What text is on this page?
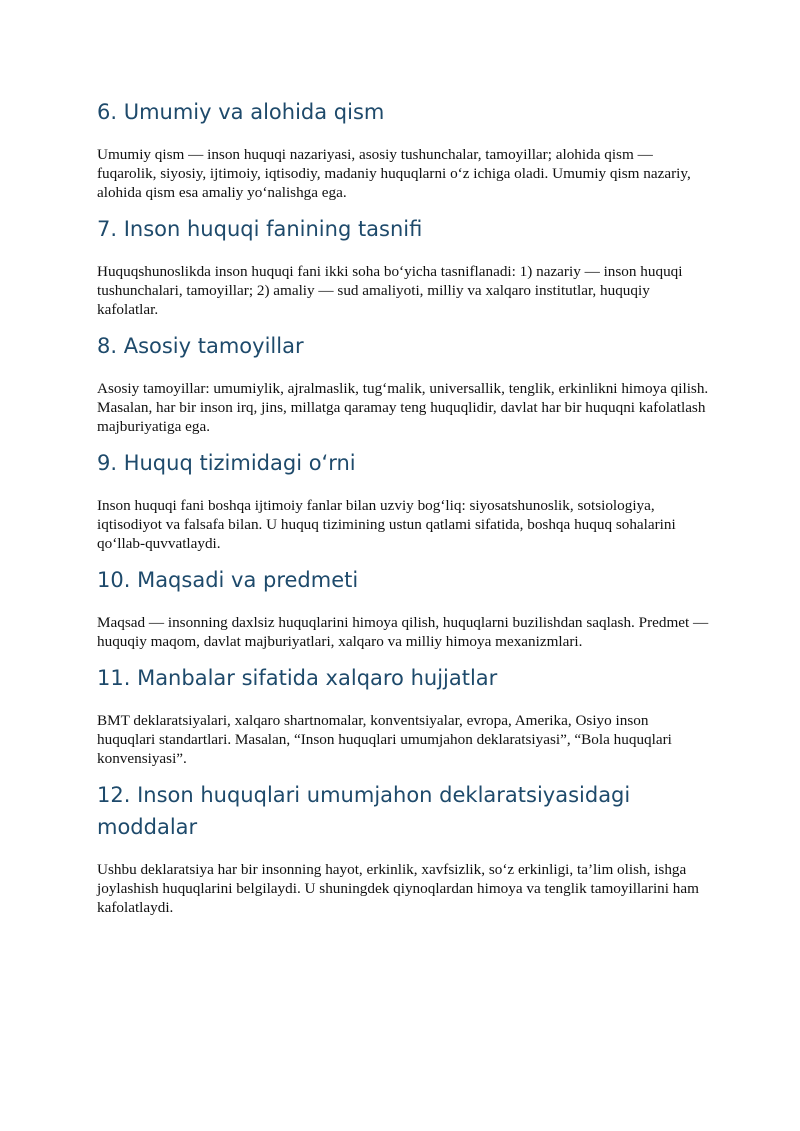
6. Umumiy va alohida qism

Umumiy qism — inson huquqi nazariyasi, asosiy tushunchalar, tamoyillar; alohida qism — fuqarolik, siyosiy, ijtimoiy, iqtisodiy, madaniy huquqlarni o‘z ichiga oladi. Umumiy qism nazariy, alohida qism esa amaliy yo‘nalishga ega.

7. Inson huquqi fanining tasnifi

Huquqshunoslikda inson huquqi fani ikki soha bo‘yicha tasniflanadi: 1) nazariy — inson huquqi tushunchalari, tamoyillar; 2) amaliy — sud amaliyoti, milliy va xalqaro institutlar, huquqiy kafolatlar.

8. Asosiy tamoyillar

Asosiy tamoyillar: umumiylik, ajralmaslik, tug‘malik, universallik, tenglik, erkinlikni himoya qilish. Masalan, har bir inson irq, jins, millatga qaramay teng huquqlidir, davlat har bir huquqni kafolatlash majburiyatiga ega.

9. Huquq tizimidagi o‘rni

Inson huquqi fani boshqa ijtimoiy fanlar bilan uzviy bog‘liq: siyosatshunoslik, sotsiologiya, iqtisodiyot va falsafa bilan. U huquq tizimining ustun qatlami sifatida, boshqa huquq sohalarini qo‘llab-quvvatlaydi.

10. Maqsadi va predmeti

Maqsad — insonning daxlsiz huquqlarini himoya qilish, huquqlarni buzilishdan saqlash. Predmet — huquqiy maqom, davlat majburiyatlari, xalqaro va milliy himoya mexanizmlari.

11. Manbalar sifatida xalqaro hujjatlar

BMT deklaratsiyalari, xalqaro shartnomalar, konventsiyalar, evropa, Amerika, Osiyo inson huquqlari standartlari. Masalan, “Inson huquqlari umumjahon deklaratsiyasi”, “Bola huquqlari konvensiyasi”.

12. Inson huquqlari umumjahon deklaratsiyasidagi moddalar

Ushbu deklaratsiya har bir insonning hayot, erkinlik, xavfsizlik, so‘z erkinligi, ta’lim olish, ishga joylashish huquqlarini belgilaydi. U shuningdek qiynoqlardan himoya va tenglik tamoyillarini ham kafolatlaydi.
